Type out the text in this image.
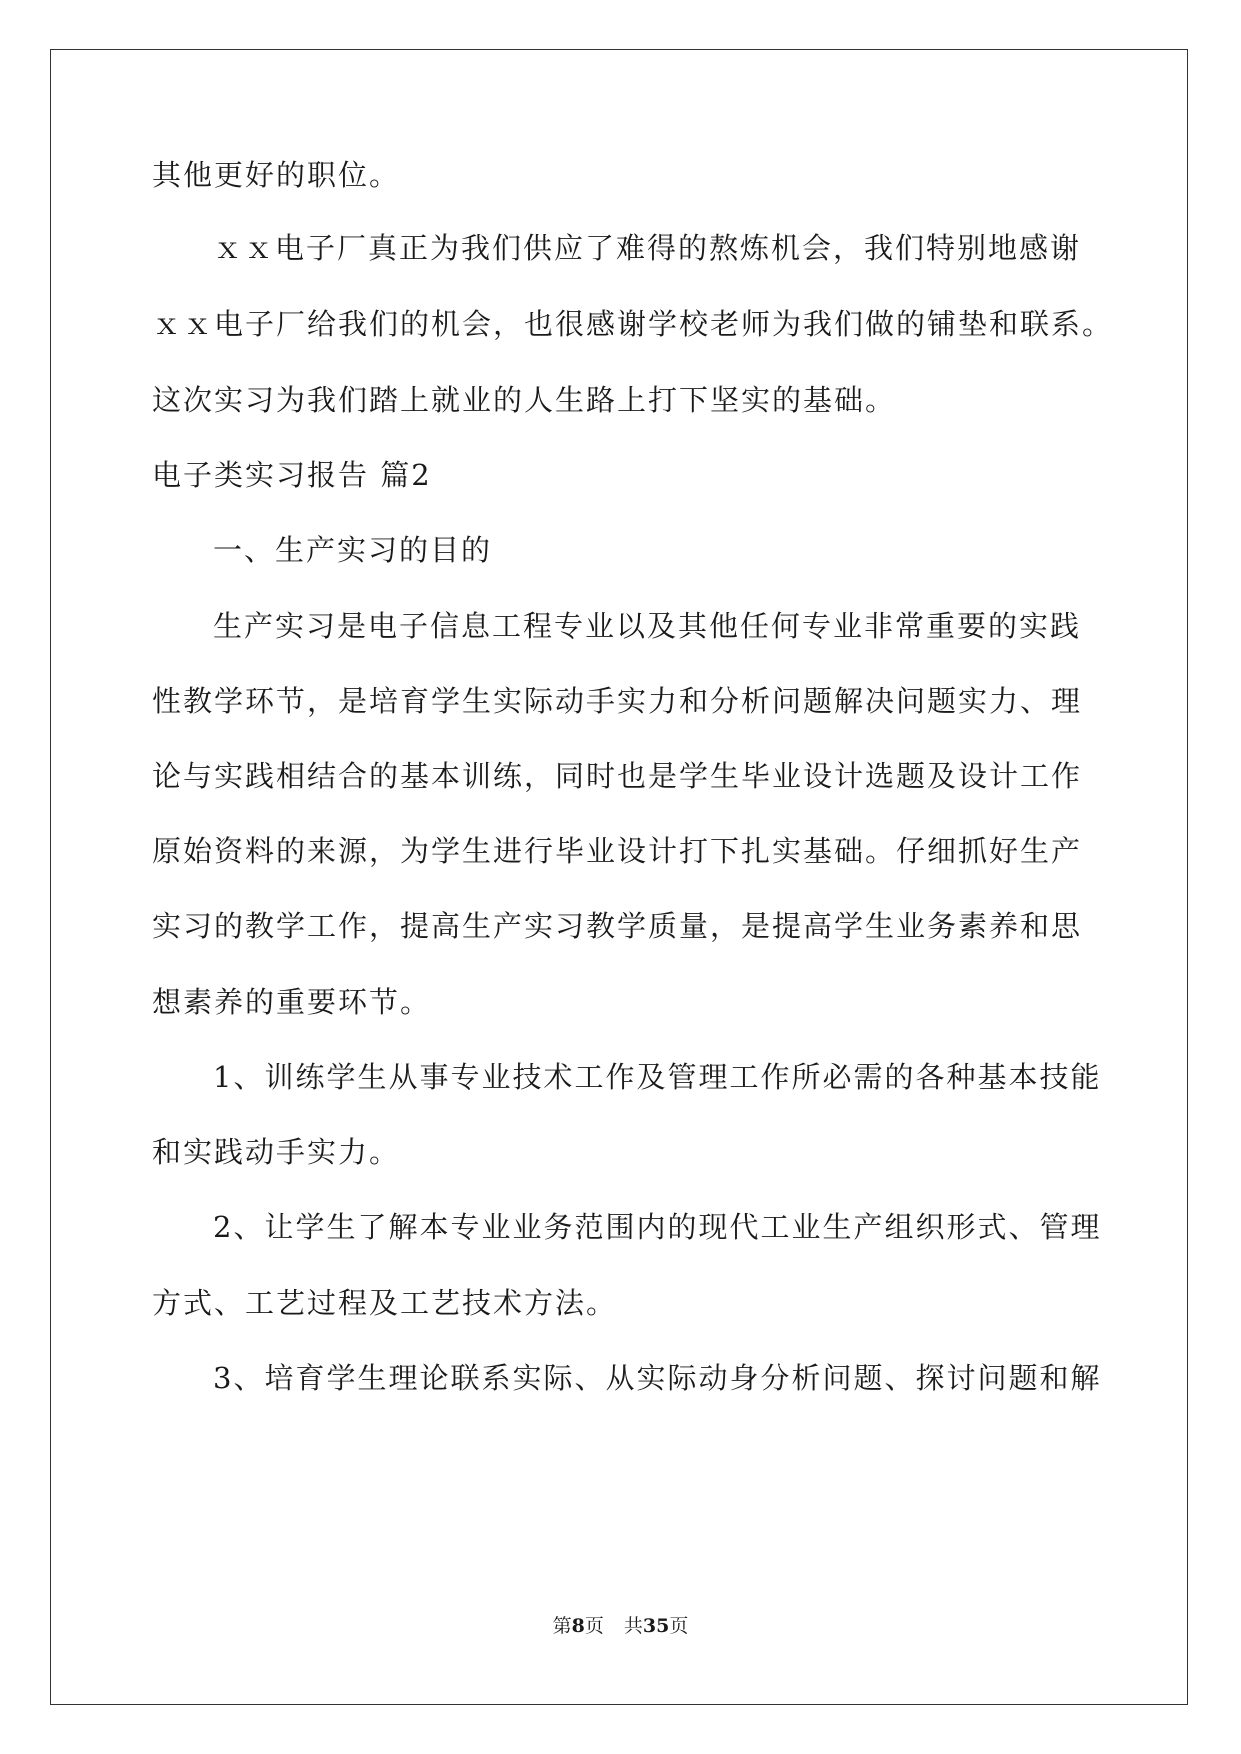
其他更好的职位。
ｘｘ电子厂真正为我们供应了难得的熬炼机会，我们特别地感谢
ｘｘ电子厂给我们的机会，也很感谢学校老师为我们做的铺垫和联系。
这次实习为我们踏上就业的人生路上打下坚实的基础。
电子类实习报告 篇2
一、生产实习的目的
生产实习是电子信息工程专业以及其他任何专业非常重要的实践
性教学环节，是培育学生实际动手实力和分析问题解决问题实力、理
论与实践相结合的基本训练，同时也是学生毕业设计选题及设计工作
原始资料的来源，为学生进行毕业设计打下扎实基础。仔细抓好生产
实习的教学工作，提高生产实习教学质量，是提高学生业务素养和思
想素养的重要环节。
1、训练学生从事专业技术工作及管理工作所必需的各种基本技能
和实践动手实力。
2、让学生了解本专业业务范围内的现代工业生产组织形式、管理
方式、工艺过程及工艺技术方法。
3、培育学生理论联系实际、从实际动身分析问题、探讨问题和解
第8页 共35页
